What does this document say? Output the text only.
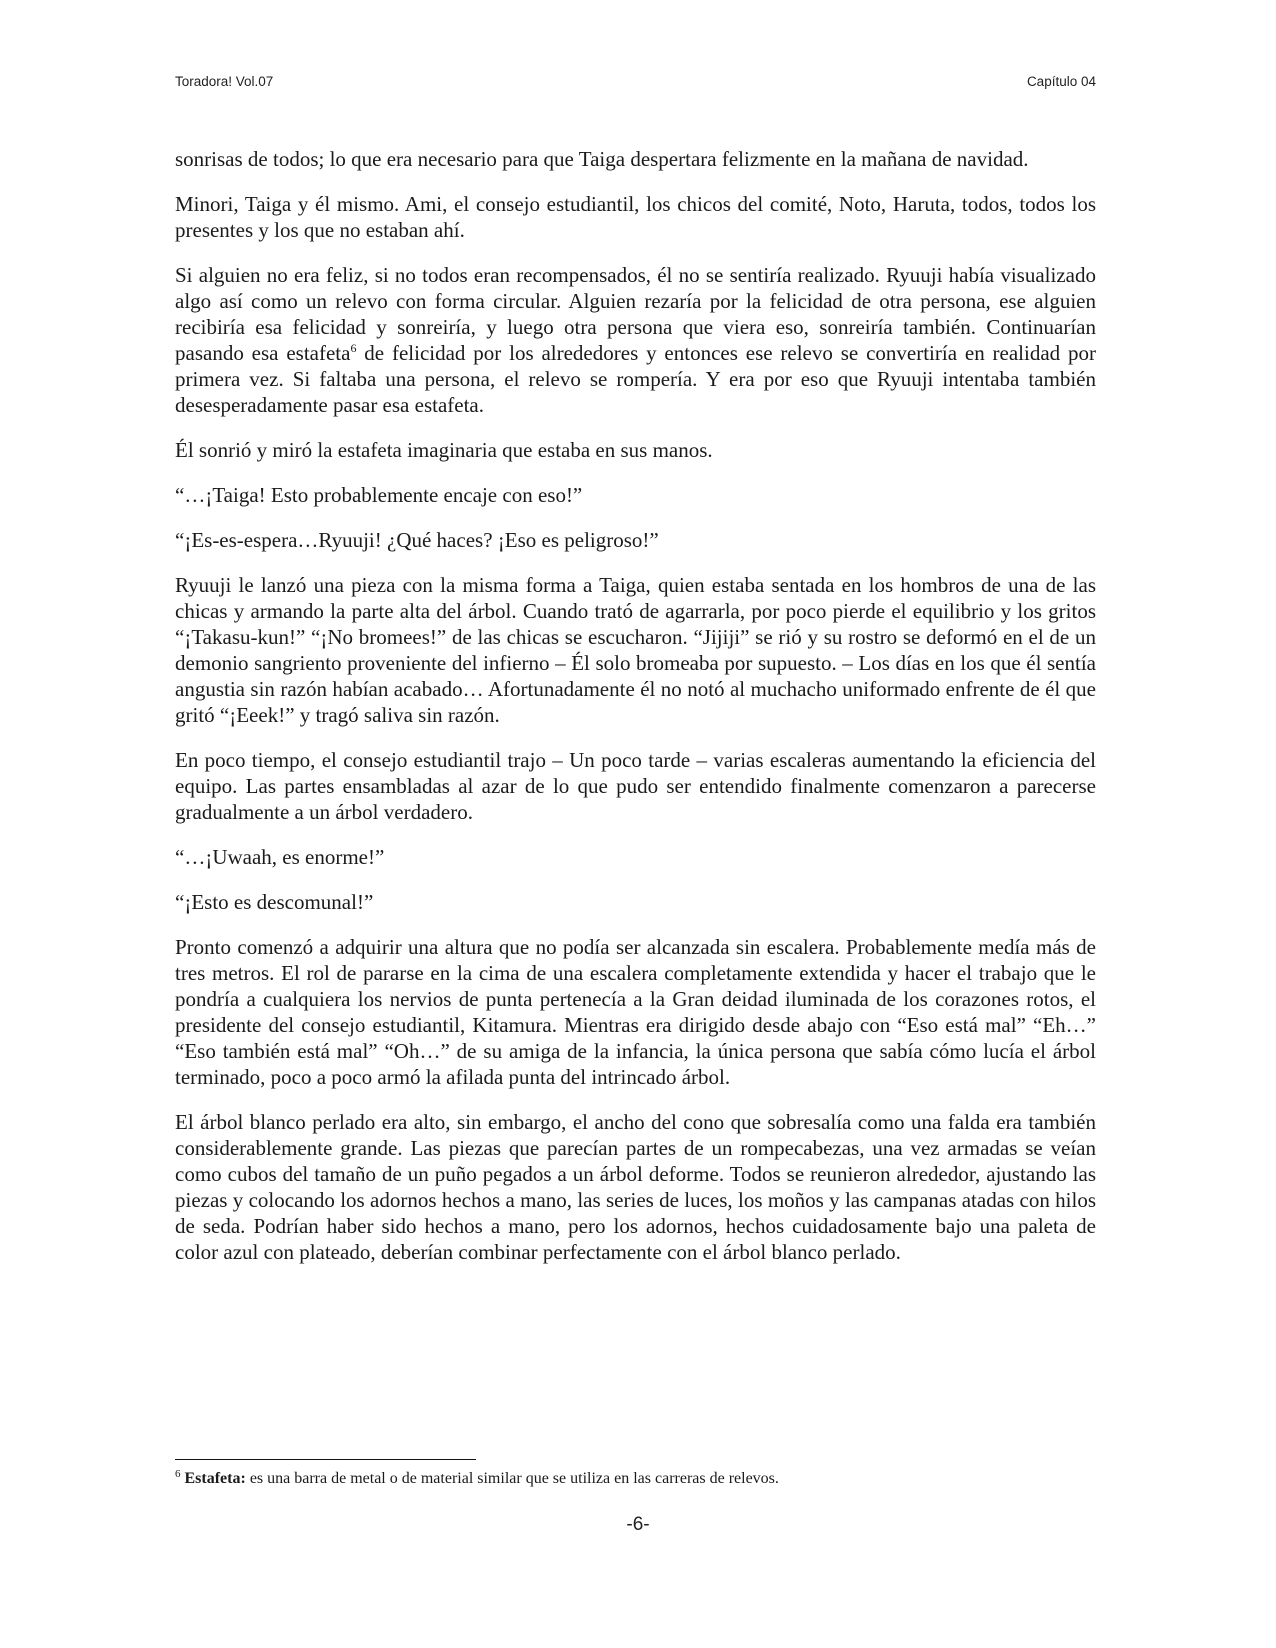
Toradora! Vol.07	Capítulo 04

sonrisas de todos; lo que era necesario para que Taiga despertara felizmente en la mañana de navidad.

Minori, Taiga y él mismo. Ami, el consejo estudiantil, los chicos del comité, Noto, Haruta, todos, todos los presentes y los que no estaban ahí.

Si alguien no era feliz, si no todos eran recompensados, él no se sentiría realizado. Ryuuji había visualizado algo así como un relevo con forma circular. Alguien rezaría por la felicidad de otra persona, ese alguien recibiría esa felicidad y sonreiría, y luego otra persona que viera eso, sonreiría también. Continuarían pasando esa estafeta$^6$ de felicidad por los alrededores y entonces ese relevo se convertiría en realidad por primera vez. Si faltaba una persona, el relevo se rompería. Y era por eso que Ryuuji intentaba también desesperadamente pasar esa estafeta.

Él sonrió y miró la estafeta imaginaria que estaba en sus manos.

“…¡Taiga! Esto probablemente encaje con eso!”

“¡Es-es-espera…Ryuuji! ¿Qué haces? ¡Eso es peligroso!”

Ryuuji le lanzó una pieza con la misma forma a Taiga, quien estaba sentada en los hombros de una de las chicas y armando la parte alta del árbol. Cuando trató de agarrarla, por poco pierde el equilibrio y los gritos “¡Takasu-kun!” “¡No bromees!” de las chicas se escucharon. “Jijiji” se rió y su rostro se deformó en el de un demonio sangriento proveniente del infierno – Él solo bromeaba por supuesto. – Los días en los que él sentía angustia sin razón habían acabado… Afortunadamente él no notó al muchacho uniformado enfrente de él que gritó “¡Eeek!” y tragó saliva sin razón.

En poco tiempo, el consejo estudiantil trajo – Un poco tarde – varias escaleras aumentando la eficiencia del equipo. Las partes ensambladas al azar de lo que pudo ser entendido finalmente comenzaron a parecerse gradualmente a un árbol verdadero.

“…¡Uwaah, es enorme!”

“¡Esto es descomunal!”

Pronto comenzó a adquirir una altura que no podía ser alcanzada sin escalera. Probablemente medía más de tres metros. El rol de pararse en la cima de una escalera completamente extendida y hacer el trabajo que le pondría a cualquiera los nervios de punta pertenecía a la Gran deidad iluminada de los corazones rotos, el presidente del consejo estudiantil, Kitamura. Mientras era dirigido desde abajo con “Eso está mal” “Eh…” “Eso también está mal” “Oh…” de su amiga de la infancia, la única persona que sabía cómo lucía el árbol terminado, poco a poco armó la afilada punta del intrincado árbol.

El árbol blanco perlado era alto, sin embargo, el ancho del cono que sobresalía como una falda era también considerablemente grande. Las piezas que parecían partes de un rompecabezas, una vez armadas se veían como cubos del tamaño de un puño pegados a un árbol deforme. Todos se reunieron alrededor, ajustando las piezas y colocando los adornos hechos a mano, las series de luces, los moños y las campanas atadas con hilos de seda. Podrían haber sido hechos a mano, pero los adornos, hechos cuidadosamente bajo una paleta de color azul con plateado, deberían combinar perfectamente con el árbol blanco perlado.

$^6$ Estafeta: es una barra de metal o de material similar que se utiliza en las carreras de relevos.
-6-
